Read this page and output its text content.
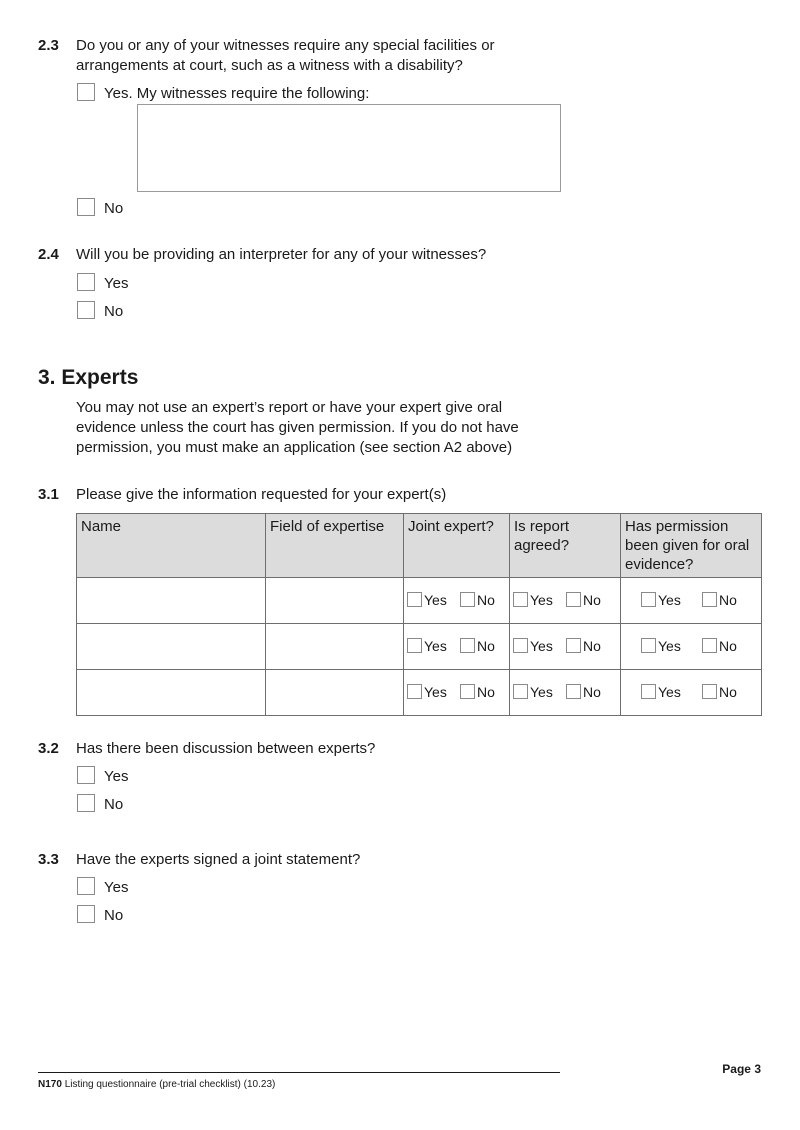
2.3 Do you or any of your witnesses require any special facilities or
arrangements at court, such as a witness with a disability?
Yes. My witnesses require the following:
No
2.4 Will you be providing an interpreter for any of your witnesses?
Yes
No
3. Experts
You may not use an expert’s report or have your expert give oral
evidence unless the court has given permission. If you do not have
permission, you must make an application (see section A2 above)
3.1 Please give the information requested for your expert(s)
Name	Field of expertise	Joint expert?	Is report agreed?	Has permission been given for oral evidence?

		Yes No	Yes No	Yes No

		Yes No	Yes No	Yes No

		Yes No	Yes No	Yes No
3.2 Has there been discussion between experts?
Yes
No
3.3 Have the experts signed a joint statement?
Yes
No
Page 3
N170 Listing questionnaire (pre-trial checklist) (10.23)
